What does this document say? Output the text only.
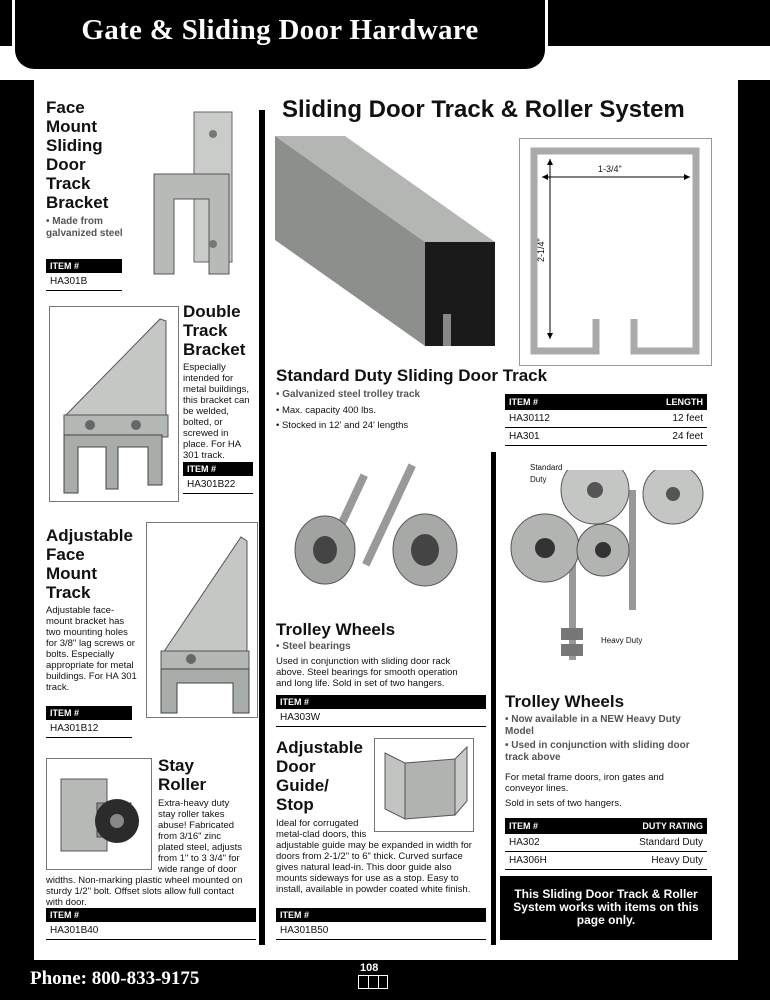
Gate & Sliding Door Hardware
Phone: 800-833-9175	108
Face
Mount
Sliding
Door
Track
Bracket
• Made from galvanized steel
ITEM #
HA301B
Double
Track
Bracket
Especially intended for metal buildings, this bracket can be welded, bolted, or screwed in place. For HA 301 track.
ITEM #
HA301B22
Adjustable
Face
Mount
Track
Adjustable face-mount bracket has two mounting holes for 3/8" lag screws or bolts. Especially appropriate for metal buildings. For HA 301 track.
ITEM #
HA301B12
Stay
Roller
Extra-heavy duty stay roller takes abuse! Fabricated from 3/16" zinc plated steel, adjusts from 1" to 3 3/4" for wide range of door widths. Non-marking plastic wheel mounted on sturdy 1/2" bolt. Offset slots allow full contact with door.
ITEM #
HA301B40
Sliding Door Track & Roller System
1-3/4"
2-1/4"
Standard Duty Sliding Door Track
• Galvanized steel trolley track
• Max. capacity 400 lbs.
• Stocked in 12' and 24' lengths
ITEM #	LENGTH
HA30112	12 feet
HA301	24 feet
Trolley Wheels
• Steel bearings
Used in conjunction with sliding door rack above. Steel bearings for smooth operation and long life. Sold in set of two hangers.
ITEM #
HA303W
Adjustable
Door
Guide/
Stop
Ideal for corrugated metal-clad doors, this adjustable guide may be expanded in width for doors from 2-1/2" to 6" thick. Curved surface gives natural lead-in. This door guide also mounts sideways for use as a stop. Easy to install, available in powder coated white finish.
ITEM #
HA301B50
Standard Duty
Heavy Duty
Trolley Wheels
• Now available in a NEW Heavy Duty Model
• Used in conjunction with sliding door track above
For metal frame doors, iron gates and conveyor lines.
Sold in sets of two hangers.
ITEM #	DUTY RATING
HA302	Standard Duty
HA306H	Heavy Duty
This Sliding Door Track & Roller System works with items on this page only.
